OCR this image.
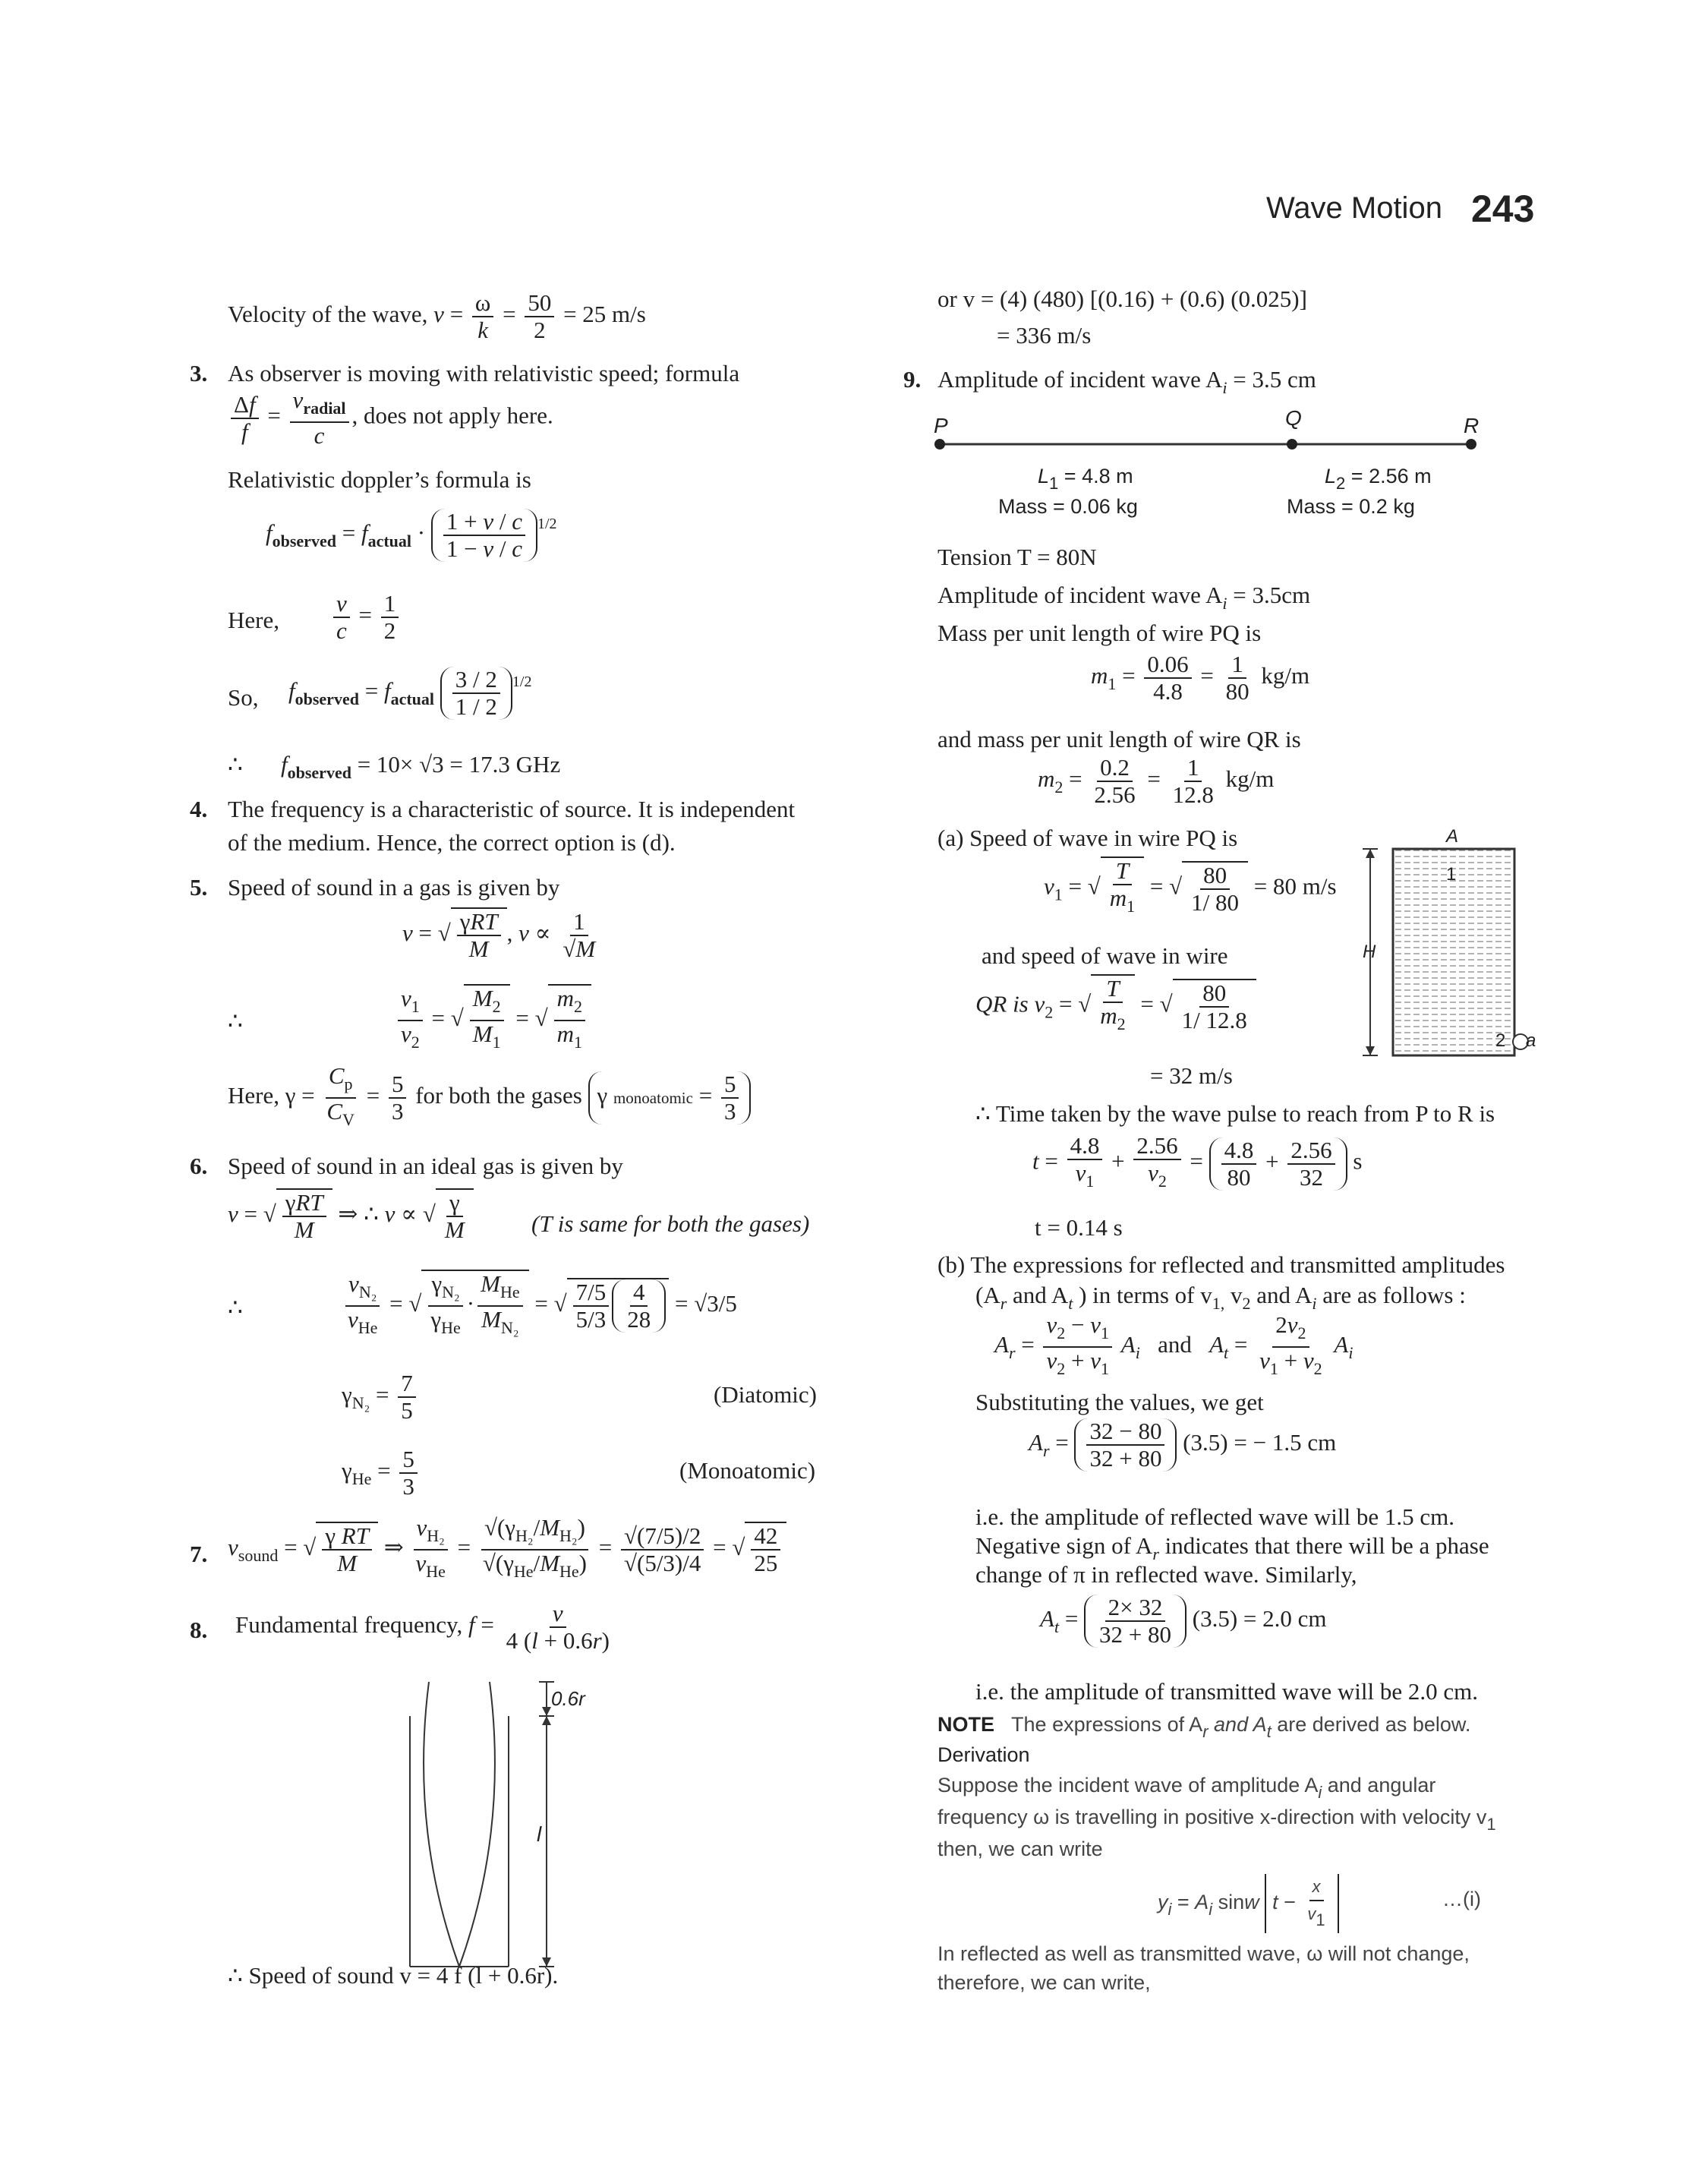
Wave Motion 243
Velocity of the wave, $v = \frac{\omega}{k} = \frac{50}{2} = 25$ m/s
3. As observer is moving with relativistic speed; formula
$\frac{\Delta f}{f} = \frac{v_{radial}}{c}$ , does not apply here.
Relativistic doppler’s formula is
$f_{observed} = f_{actual} \cdot \frac{1 + v / c}{1 - v / c} ^{1/2}$
Here, $\frac{v}{c} = \frac{1}{2}$
So, $f_{observed} = f_{actual} \frac{3 / 2}{1 / 2} ^{1/2}$
∴ $f_{observed} = 10\times √3 = 17.3$ GHz
4. The frequency is a characteristic of source. It is independent
of the medium. Hence, the correct option is (d).
5. Speed of sound in a gas is given by
v = √ $\frac{\text{γRT}}{M}$ , $v \propto \frac{1}{√M}$
∴	$\frac{v_1}{v_2}$ = √ $\frac{M_2}{M_1}$ = √ $\frac{m_2}{m_1}$
Here, $\gamma = \frac{C_p}{C_V} = \frac{5}{3}$ for both the gases γ monoatomic = $\frac{5}{3}$
6. Speed of sound in an ideal gas is given by
v = √ $\frac{\text{γRT}}{M}$ ⇒ ∴ v ∝ √ $\frac{\gamma}{M}$	(T is same for both the gases)
∴	$\frac{v_{N_2}}{v_{He}}$ = √ $\frac{\gamma_{N_2}}{\gamma_{He}} \cdot \frac{M_{He}}{M_{N_2}}$ = √ $\frac{7/5}{5/3} \frac{4}{28} = √3/5$
$\gamma_{N_2} = \frac{7}{5}$	(Diatomic)
$\gamma_{He} = \frac{5}{3}$	(Monoatomic)
7. $v_{sound}$ = √ $\frac{\text{γ RT}}{M}$ ⇒ $\frac{v_{H_2}}{v_{He}} = \frac{√(\gamma_{H_2}/M_{H_2})}{√(\gamma_{He}/M_{He})} = \frac{√(7/5)/2}{√(5/3)/4}$ = √ $\frac{42}{25}$
8. Fundamental frequency, $f = \frac{v}{4 (l + 0.6r)}$
0.6r
l
∴ Speed of sound v = 4 f (l + 0.6r).
or v = (4) (480) [(0.16) + (0.6) (0.025)]
= 336 m/s
9. Amplitude of incident wave $A_i = 3.5$ cm
P	Q	R
$L_1 = 4.8$ m
Mass = 0.06 kg
$L_2 = 2.56$ m
Mass = 0.2 kg
Tension T = 80N
Amplitude of incident wave $A_i = 3.5cm$
Mass per unit length of wire PQ is
$m_1 = \frac{0.06}{4.8} = \frac{1}{80} kg/m$
and mass per unit length of wire QR is
$m_2 = \frac{0.2}{2.56} = \frac{1}{12.8} kg/m$
(a) Speed of wave in wire PQ is
$v_1$ = √ $\frac{T}{m_1}$ = √ $\frac{80}{1/ 80} = 80$ m/s
and speed of wave in wire
QR is $v_2$ = √ $\frac{T}{m_2}$ = √ $\frac{80}{1/ 12.8}$
= 32 m/s
A
1
H
2 a
∴ Time taken by the wave pulse to reach from P to R is
$t = \frac{4.8}{v_1} + \frac{2.56}{v_2} = \frac{4.8}{80} + \frac{2.56}{32}$ s
t = 0.14 s
(b) The expressions for reflected and transmitted amplitudes
($A_r$ and $A_t$ ) in terms of $v_{1,}$ $v_2$ and $A_i$ are as follows :
$A_r = \frac{v_2 - v_1}{v_2 + v_1} A_i$ and $A_t = \frac{2v_2}{v_1 + v_2} A_i$
Substituting the values, we get
$A_r = \frac{32 - 80}{32 + 80} (3.5)$ = − 1.5 cm
i.e. the amplitude of reflected wave will be 1.5 cm.
Negative sign of $A_r$ indicates that there will be a phase
change of π in reflected wave. Similarly,
$A_t = \frac{2\times 32}{32 + 80} (3.5) = 2.0$ cm
i.e. the amplitude of transmitted wave will be 2.0 cm.
NOTE The expressions of $A_r$ and $A_t$ are derived as below.
Derivation
Suppose the incident wave of amplitude $A_i$ and angular
frequency ω is travelling in positive x-direction with velocity $v_1$
then, we can write
$y_i = A_i$ sinw $t - \frac{x}{v1}$	…(i)
In reflected as well as transmitted wave, ω will not change,
therefore, we can write,
